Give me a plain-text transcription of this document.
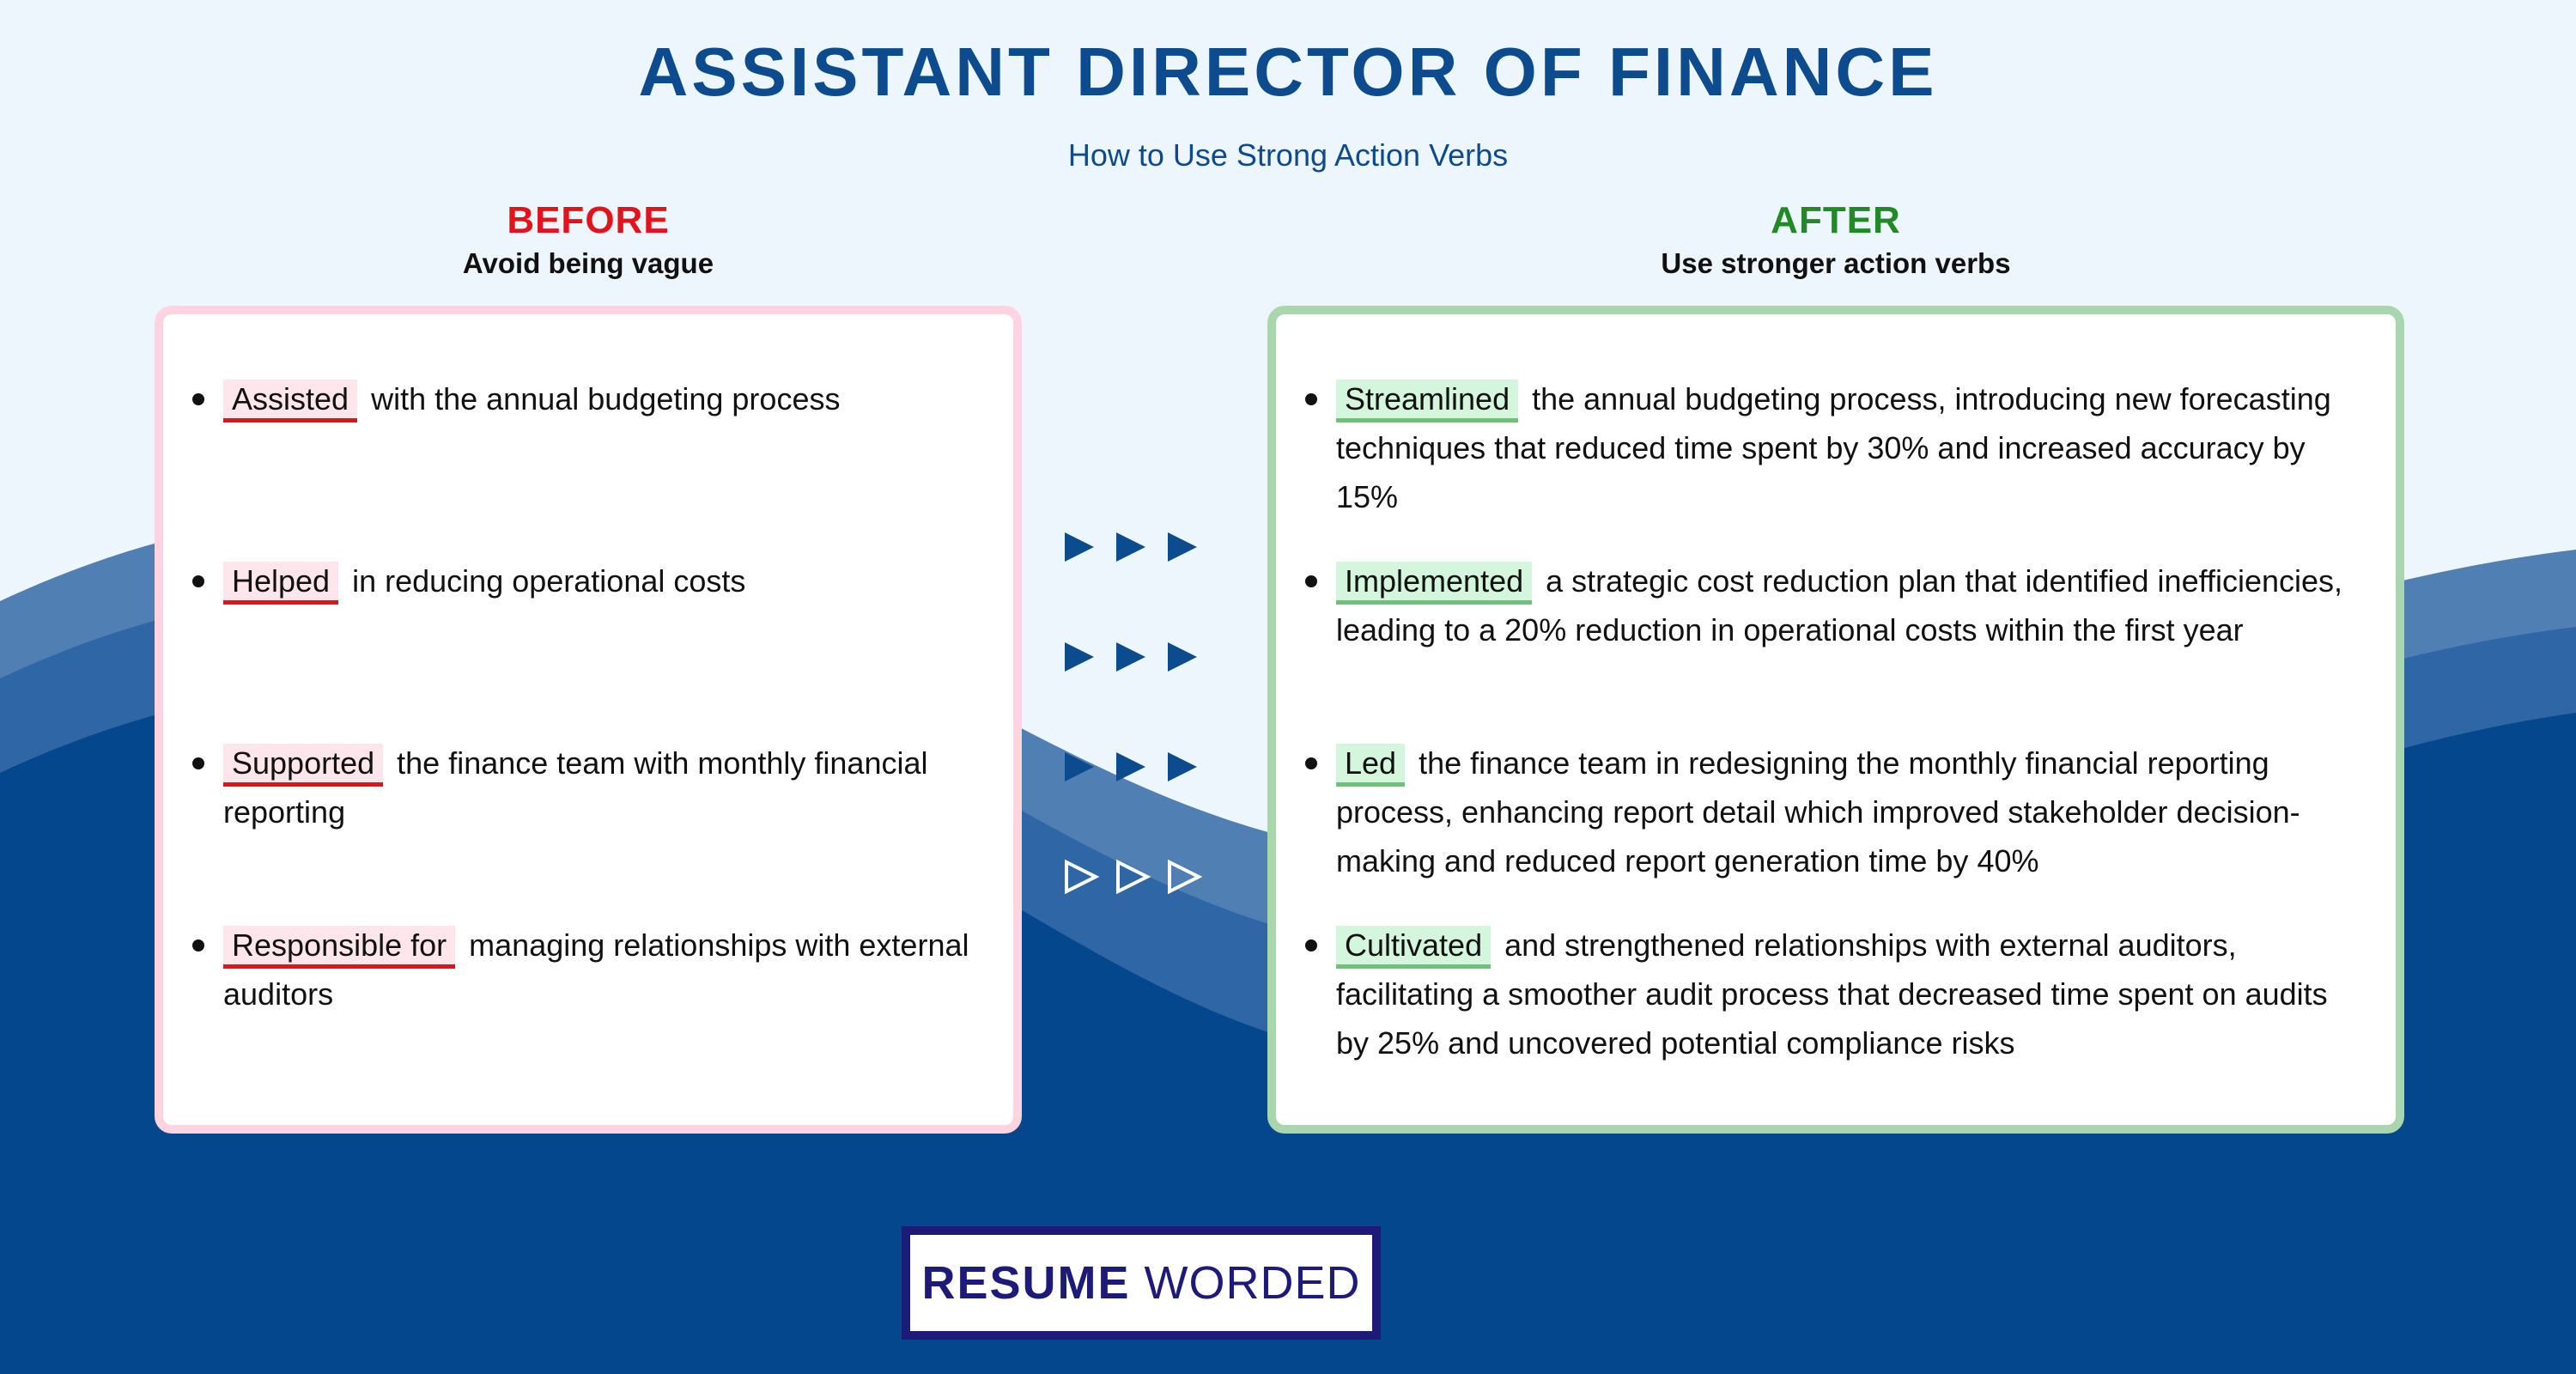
ASSISTANT DIRECTOR OF FINANCE
How to Use Strong Action Verbs
BEFORE
Avoid being vague
AFTER
Use stronger action verbs
Assisted with the annual budgeting process
Helped in reducing operational costs
Supported the finance team with monthly financial reporting
Responsible for managing relationships with external auditors
Streamlined the annual budgeting process, introducing new forecasting techniques that reduced time spent by 30% and increased accuracy by 15%
Implemented a strategic cost reduction plan that identified inefficiencies, leading to a 20% reduction in operational costs within the first year
Led the finance team in redesigning the monthly financial reporting process, enhancing report detail which improved stakeholder decision-making and reduced report generation time by 40%
Cultivated and strengthened relationships with external auditors, facilitating a smoother audit process that decreased time spent on audits by 25% and uncovered potential compliance risks
RESUME WORDED
